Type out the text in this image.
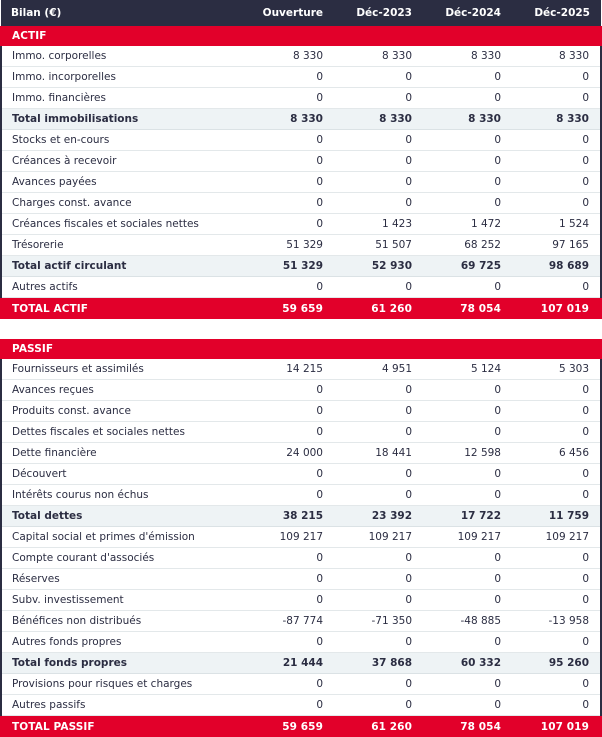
Bilan (€)	Ouverture	Déc-2023	Déc-2024	Déc-2025
ACTIF				
Immo. corporelles	8 330	8 330	8 330	8 330
Immo. incorporelles	0	0	0	0
Immo. financières	0	0	0	0
Total immobilisations	8 330	8 330	8 330	8 330
Stocks et en-cours	0	0	0	0
Créances à recevoir	0	0	0	0
Avances payées	0	0	0	0
Charges const. avance	0	0	0	0
Créances fiscales et sociales nettes	0	1 423	1 472	1 524
Trésorerie	51 329	51 507	68 252	97 165
Total actif circulant	51 329	52 930	69 725	98 689
Autres actifs	0	0	0	0
TOTAL ACTIF	59 659	61 260	78 054	107 019

PASSIF				
Fournisseurs et assimilés	14 215	4 951	5 124	5 303
Avances reçues	0	0	0	0
Produits const. avance	0	0	0	0
Dettes fiscales et sociales nettes	0	0	0	0
Dette financière	24 000	18 441	12 598	6 456
Découvert	0	0	0	0
Intérêts courus non échus	0	0	0	0
Total dettes	38 215	23 392	17 722	11 759
Capital social et primes d'émission	109 217	109 217	109 217	109 217
Compte courant d'associés	0	0	0	0
Réserves	0	0	0	0
Subv. investissement	0	0	0	0
Bénéfices non distribués	-87 774	-71 350	-48 885	-13 958
Autres fonds propres	0	0	0	0
Total fonds propres	21 444	37 868	60 332	95 260
Provisions pour risques et charges	0	0	0	0
Autres passifs	0	0	0	0
TOTAL PASSIF	59 659	61 260	78 054	107 019
